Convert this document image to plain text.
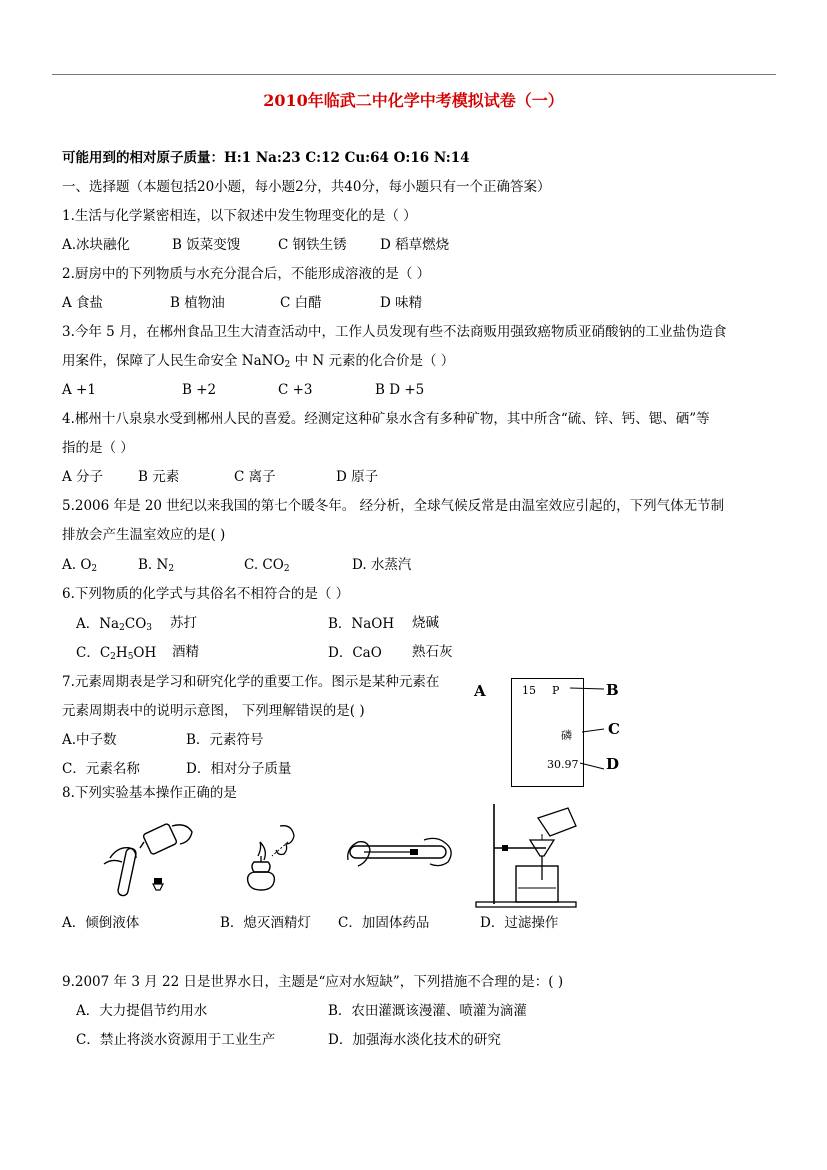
2010年临武二中化学中考模拟试卷（一）
可能用到的相对原子质量：H:1 Na:23 C:12 Cu:64 O:16 N:14
一、选择题（本题包括20小题，每小题2分，共40分，每小题只有一个正确答案）
1.生活与化学紧密相连，以下叙述中发生物理变化的是（ ）
A.冰块融化	B 饭菜变馊	C 钢铁生锈 D 稻草燃烧
2.厨房中的下列物质与水充分混合后，不能形成溶液的是（ ）
A 食盐	B 植物油	C 白醋	D 味精
3.今年 5 月，在郴州食品卫生大清查活动中，工作人员发现有些不法商贩用强致癌物质亚硝酸钠的工业盐伪造食
用案件，保障了人民生命安全 NaNO$_2$ 中 N 元素的化合价是（ ）
A +1	B +2	C +3	B D +5
4.郴州十八泉泉水受到郴州人民的喜爱。经测定这种矿泉水含有多种矿物，其中所含“硫、锌、钙、锶、硒”等
指的是（ ）
A 分子	B 元素	C 离子	D 原子
5.2006 年是 20 世纪以来我国的第七个暖冬年。 经分析，全球气候反常是由温室效应引起的，下列气体无节制
排放会产生温室效应的是( )
A. $O_2$	B. $N_2$	C. $CO_2$	D. 水蒸汽
6.下列物质的化学式与其俗名不相符合的是（ ）
A．$Na_2CO_3$ 苏打	B．NaOH 烧碱
C．$C_2H_5OH$ 酒精	D．CaO 熟石灰
7.元素周期表是学习和研究化学的重要工作。图示是某种元素在
元素周期表中的说明示意图， 下列理解错误的是( )
A.中子数	B．元素符号
C．元素名称	D．相对分子质量
A	15 P
磷
30.97
B
C
D
8.下列实验基本操作正确的是
A．倾倒液体	B．熄灭酒精灯 C．加固体药品	D．过滤操作
9.2007 年 3 月 22 日是世界水日，主题是“应对水短缺”，下列措施不合理的是：( )
A．大力提倡节约用水	B．农田灌溉该漫灌、喷灌为滴灌
C．禁止将淡水资源用于工业生产	D．加强海水淡化技术的研究
